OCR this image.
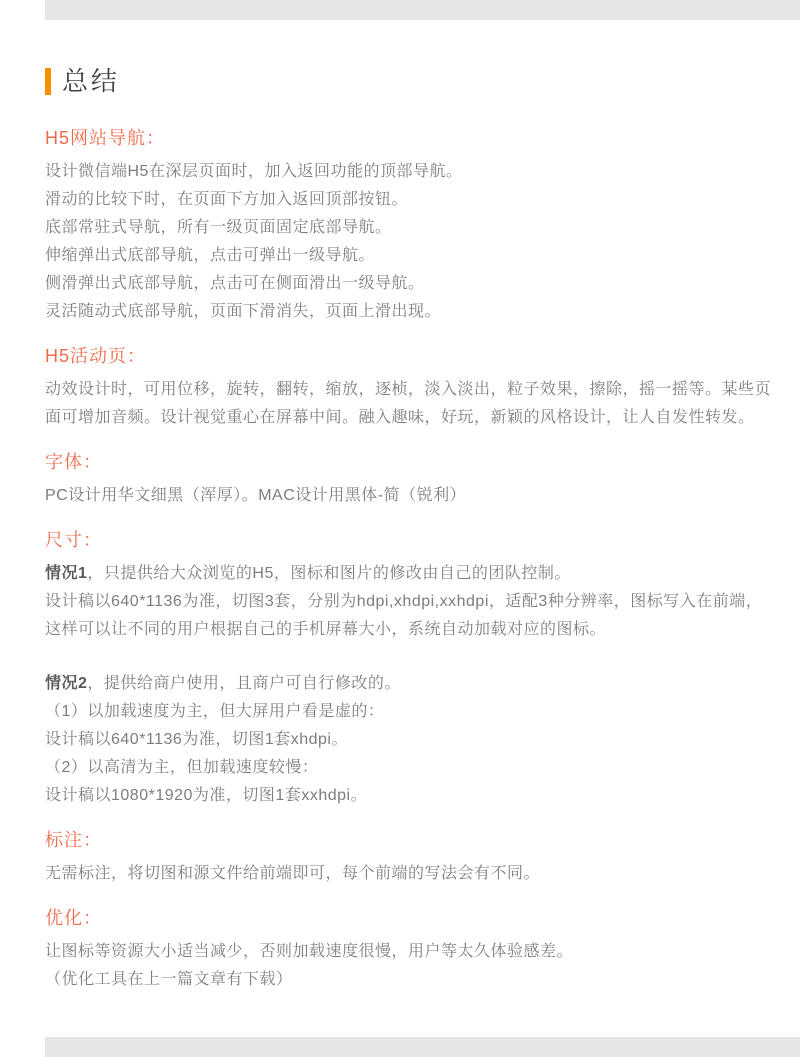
总结
H5网站导航：

设计微信端H5在深层页面时，加入返回功能的顶部导航。

滑动的比较下时，在页面下方加入返回顶部按钮。

底部常驻式导航，所有一级页面固定底部导航。

伸缩弹出式底部导航，点击可弹出一级导航。

侧滑弹出式底部导航，点击可在侧面滑出一级导航。

灵活随动式底部导航，页面下滑消失，页面上滑出现。

H5活动页：

动效设计时，可用位移，旋转，翻转，缩放，逐桢，淡入淡出，粒子效果，擦除，摇一摇等。某些页面可增加音频。设计视觉重心在屏幕中间。融入趣味，好玩，新颖的风格设计，让人自发性转发。

字体：

PC设计用华文细黑（浑厚）。MAC设计用黑体-简（锐利）

尺寸：

情况1，只提供给大众浏览的H5，图标和图片的修改由自己的团队控制。

设计稿以640*1136为准，切图3套，分别为hdpi,xhdpi,xxhdpi，适配3种分辨率，图标写入在前端，这样可以让不同的用户根据自己的手机屏幕大小，系统自动加载对应的图标。

情况2，提供给商户使用，且商户可自行修改的。

（1）以加载速度为主，但大屏用户看是虚的：

设计稿以640*1136为准，切图1套xhdpi。

（2）以高清为主，但加载速度较慢：

设计稿以1080*1920为准，切图1套xxhdpi。

标注：

无需标注，将切图和源文件给前端即可，每个前端的写法会有不同。

优化：

让图标等资源大小适当减少，否则加载速度很慢，用户等太久体验感差。

（优化工具在上一篇文章有下载）
